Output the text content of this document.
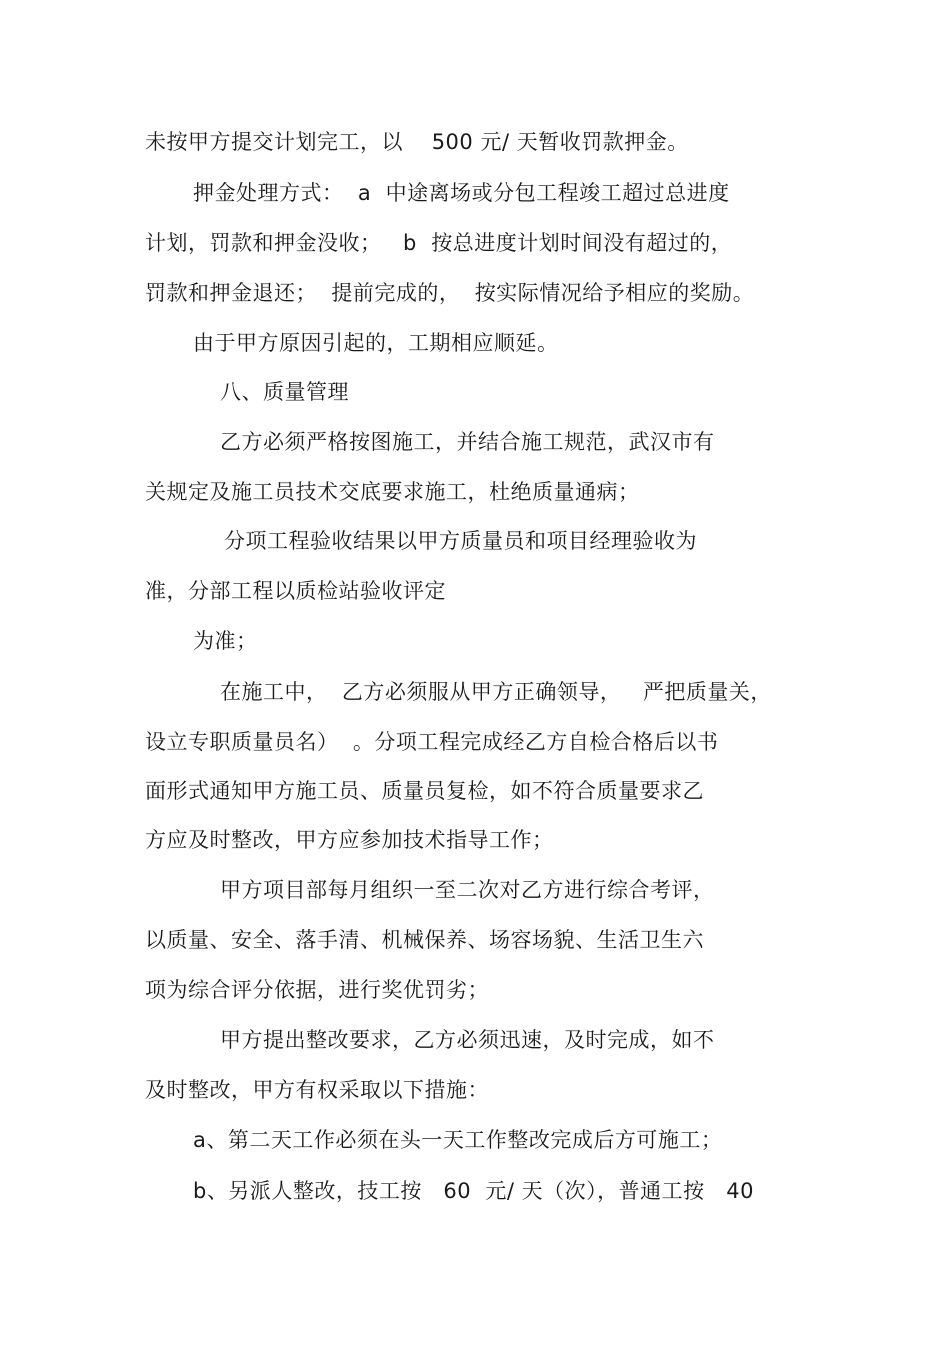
未按甲方提交计划完工，以    500 元/ 天暂收罚款押金。
押金处理方式：  a  中途离场或分包工程竣工超过总进度
计划，罚款和押金没收；   b  按总进度计划时间没有超过的，
罚款和押金退还；  提前完成的，  按实际情况给予相应的奖励。
由于甲方原因引起的，工期相应顺延。
八、质量管理
乙方必须严格按图施工，并结合施工规范，武汉市有
关规定及施工员技术交底要求施工，杜绝质量通病；
分项工程验收结果以甲方质量员和项目经理验收为
准，分部工程以质检站验收评定
为准；
在施工中，  乙方必须服从甲方正确领导，   严把质量关，
设立专职质量员名）  。分项工程完成经乙方自检合格后以书
面形式通知甲方施工员、质量员复检，如不符合质量要求乙
方应及时整改，甲方应参加技术指导工作；
甲方项目部每月组织一至二次对乙方进行综合考评，
以质量、安全、落手清、机械保养、场容场貌、生活卫生六
项为综合评分依据，进行奖优罚劣；
甲方提出整改要求，乙方必须迅速，及时完成，如不
及时整改，甲方有权采取以下措施：
a、第二天工作必须在头一天工作整改完成后方可施工；
b、另派人整改，技工按   60  元/ 天（次），普通工按   40
